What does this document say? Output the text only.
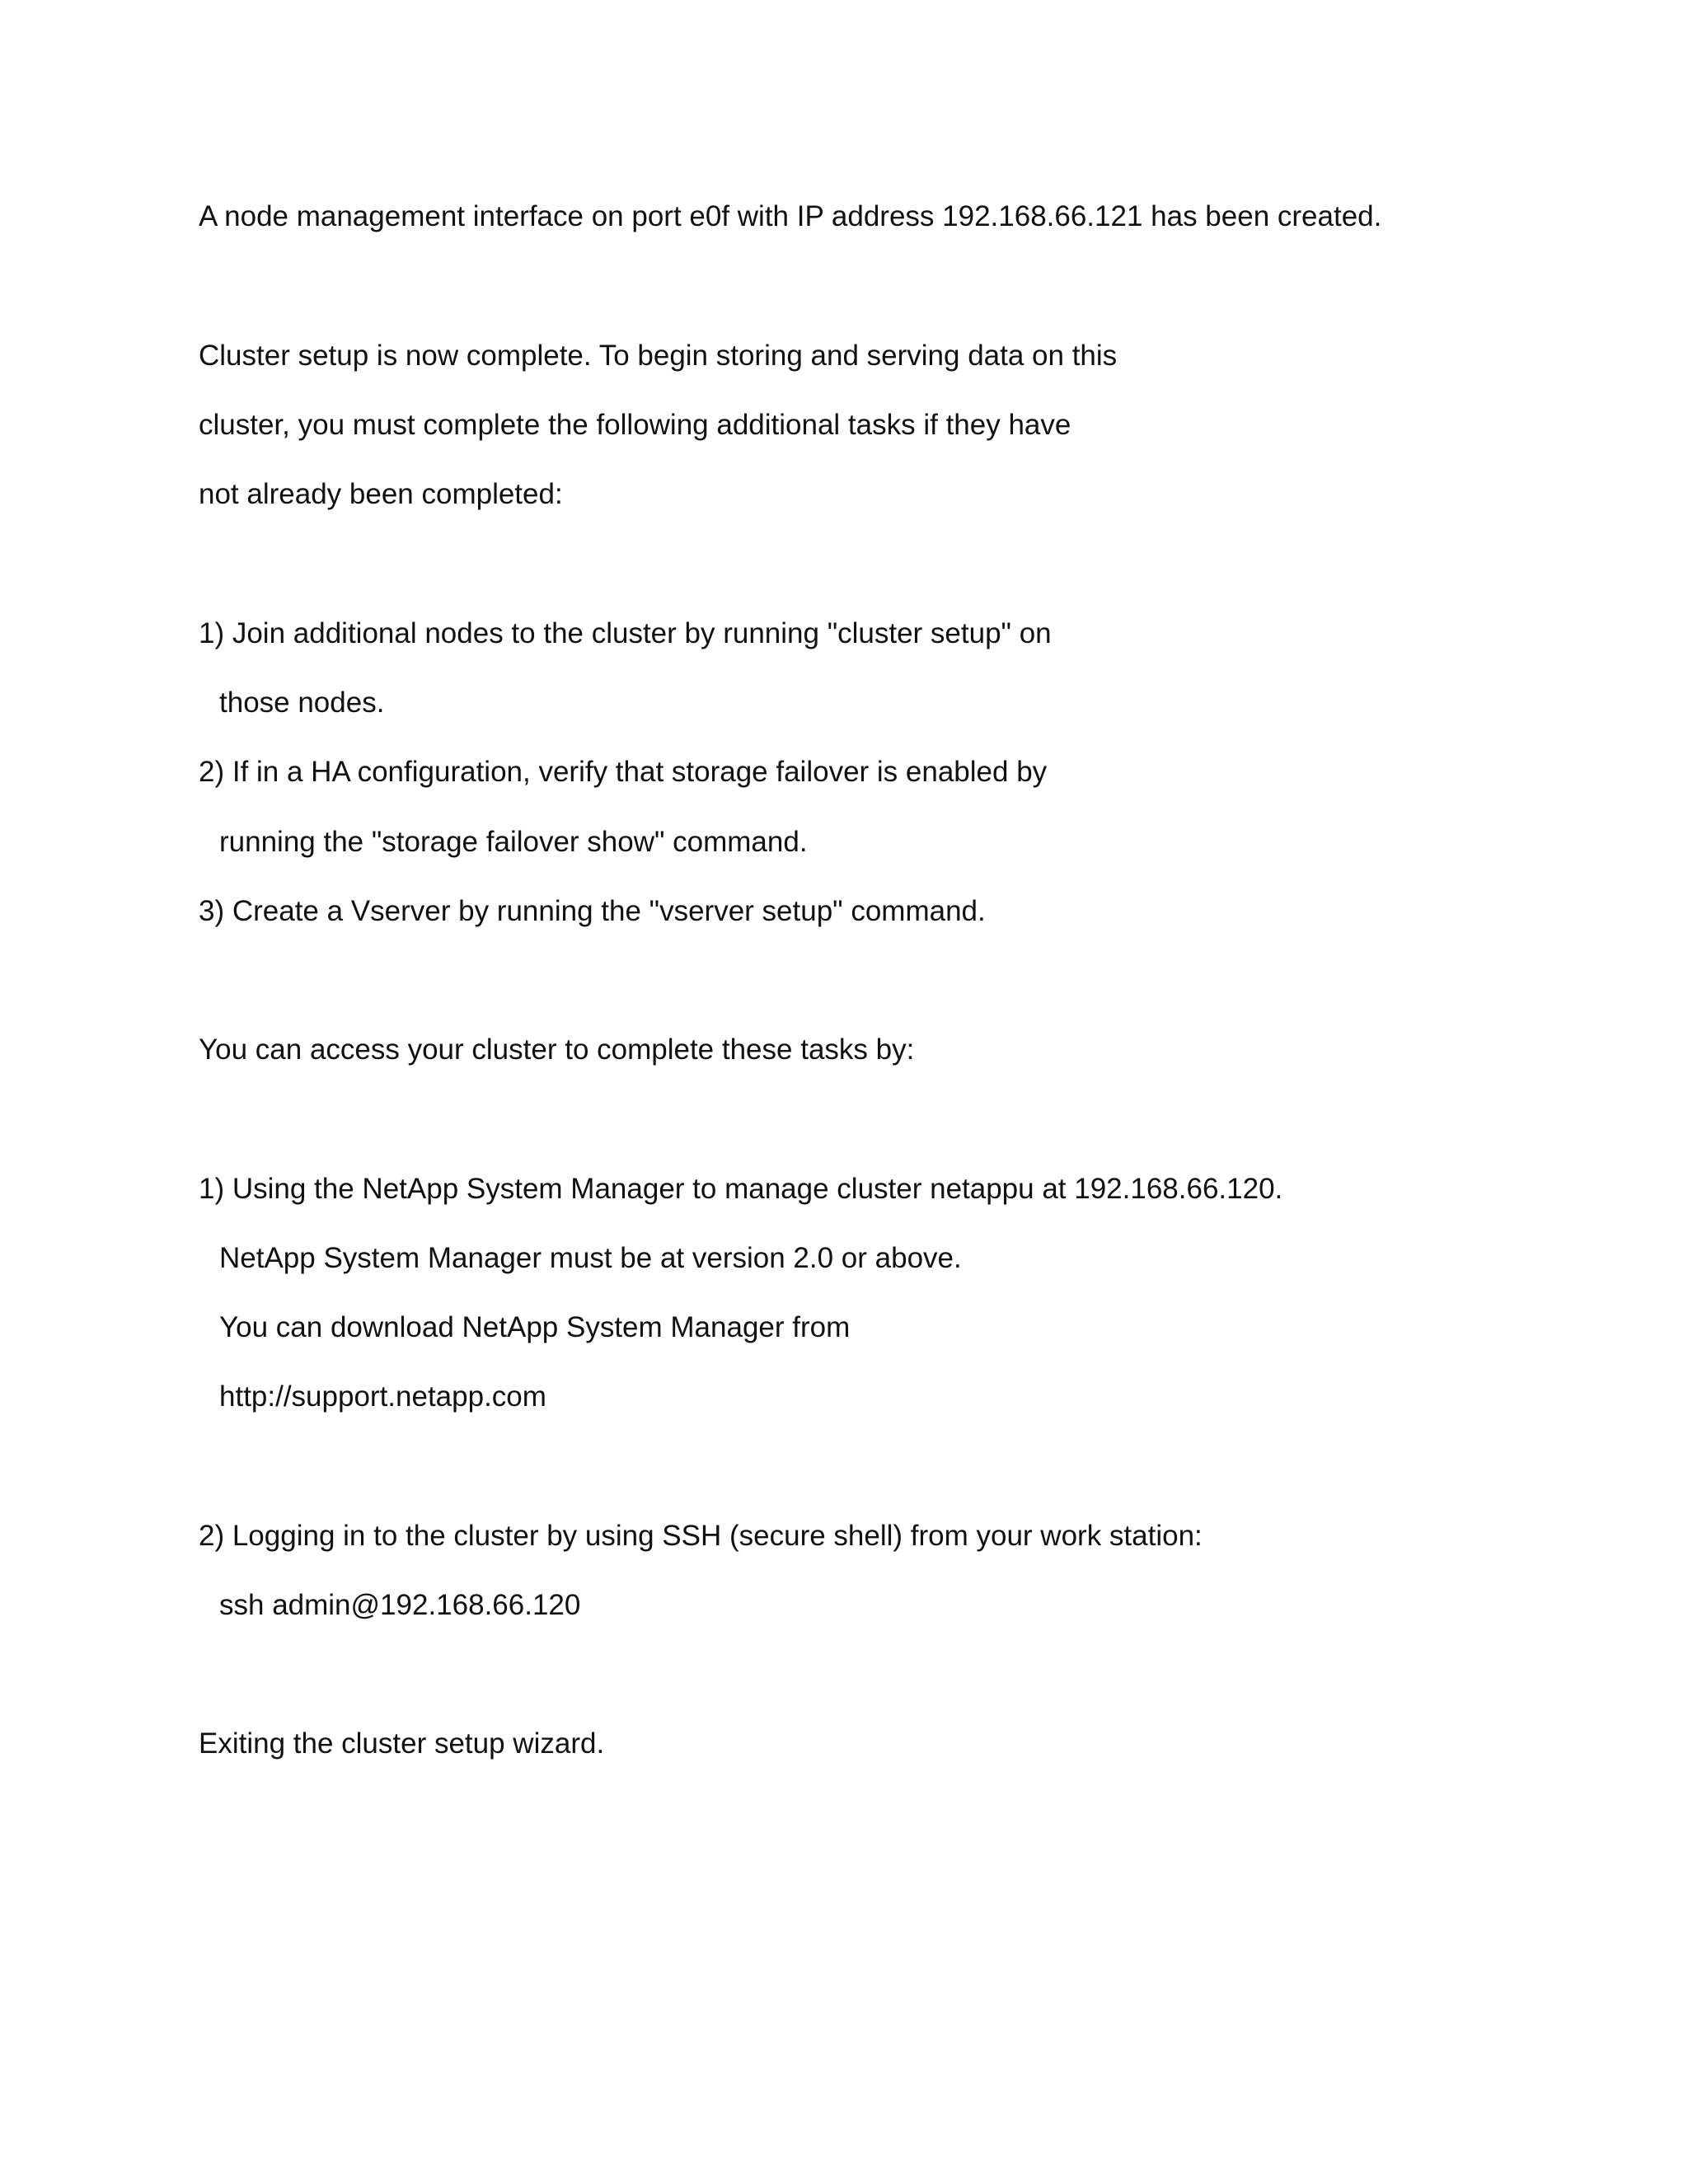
A node management interface on port e0f with IP address 192.168.66.121 has been created.
Cluster setup is now complete. To begin storing and serving data on this
cluster, you must complete the following additional tasks if they have
not already been completed:
1) Join additional nodes to the cluster by running "cluster setup" on
those nodes.
2) If in a HA configuration, verify that storage failover is enabled by
running the "storage failover show" command.
3) Create a Vserver by running the "vserver setup" command.
You can access your cluster to complete these tasks by:
1) Using the NetApp System Manager to manage cluster netappu at 192.168.66.120.
NetApp System Manager must be at version 2.0 or above.
You can download NetApp System Manager from
http://support.netapp.com
2) Logging in to the cluster by using SSH (secure shell) from your work station:
ssh admin@192.168.66.120
Exiting the cluster setup wizard.
